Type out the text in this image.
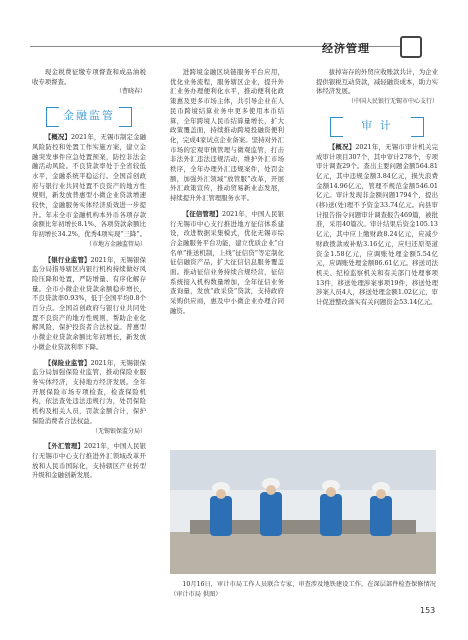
经济管理

现金税费征缴专项督查和成品油税收专项督查。

（曹晓春）

金融监管

【概况】2021年，无锡市制定金融风险防控和处置工作实施方案，建立金融突发事件应急处置预案，防控非法金融活动风险。不良贷款率处于全省较低水平，金融系统平稳运行。全国首创政府与银行业共同处置不良资产的地方性规则，新发放普惠型小微企业贷款增速较快，金融服务实体经济质效进一步提升。年末全市金融机构本外币各项存款余额比年初增长8.1%、各项贷款余额比年初增长34.2%，优秀4项实现“三降”。

（市地方金融监管局）

【银行业监管】2021年，无锡银保监分局指导辖区内银行机构持续做好风险压降和处置，严防增量、有序化解存量。全市小微企业贷款余额稳步增长，不良贷款率0.93%，低于全国平均0.8个百分点。全国首创政府与银行业共同处置不良资产的地方性规则，帮助企业化解风险，保护投资者合法权益。普惠型小微企业贷款余额比年初增长，新发放小微企业贷款利率下降。

【保险业监管】2021年，无锡银保监分局加强保险业监管，推动保险业服务实体经济，支持地方经济发展。全年开展保险市场专项检查，检查保险机构，依法查处违法违规行为，处罚保险机构及相关人员，罚款金额合计，保护保险消费者合法权益。

（无锡银保监分局）

【外汇管理】2021年，中国人民银行无锡市中心支行推进外汇领域改革开放和人民币国际化，支持辖区产业转型升级和金融创新发展。

进跨境金融区块链服务平台应用，优化业务流程，服务辖区企业，提升外汇业务办理便利化水平，推动便利化政策惠及更多市场主体，共引导企业在人民币跨境结算业务中更多使用本币结算，全年跨境人民币结算量增长，扩大政策覆盖面，持续推动跨境投融资便利化，完成4家试点企业备案。坚持对外汇市场的宏观审慎管理与微观监管，打击非法外汇违法违规活动，维护外汇市场秩序，全年办理外汇违规案件，处罚金额，加强外汇领域“放管服”改革，开展外汇政策宣传，推动贸易新业态发展，持续提升外汇管理服务水平。

【征信管理】2021年，中国人民银行无锡市中心支行推进地方征信体系建设，改进数据采集模式，优化无锡市综合金融服务平台功能，建立优质企业“白名单”推送机制，上线“征信贷”等定制化征信融资产品，扩大征信信息服务覆盖面。推动征信业务持续合规经营，征信系统接入机构数量增加，全年征信业务查询量，发放“政采贷”贷款，支持政府采购供应商，惠及中小微企业办理合同融资。

拔掉寄存的外贸应收账款共计，为企业提供银税互动贷款，减轻融资成本，助力实体经济发展。

（中国人民银行无锡市中心支行）

审 计

【概况】2021年，无锡市审计机关完成审计项目307个，其中审计278个，专项审计调查29个。查出主要问题金额564.81亿元，其中违规金额3.84亿元，损失浪费金额14.96亿元，管理不规范金额546.01亿元。审计发现非金额问题1794个，提出(移)送(处)理不予资金33.74亿元。向县审计报告指令问题审计调查报告469篇，被批准，采用40篇次。审计结果后资金105.13亿元，其中应上缴财政8.24亿元，应减少财政拨款或补贴3.16亿元，应归还原渠道资金1.58亿元，应调账处理金额5.54亿元，应调账处理金额86.61亿元。移送司法机关、纪检监察机关和有关部门处理事项13件，移送处理涉案事项19件，移送处理涉案人员4人，移送处理金额1.02亿元，审计促进整改落实有关问题资金53.14亿元。

10月16日，审计市局工作人员联合专家，审查涉及地铁建设工作，在深层部件检查保修情况 （审计市局 供图）
153
